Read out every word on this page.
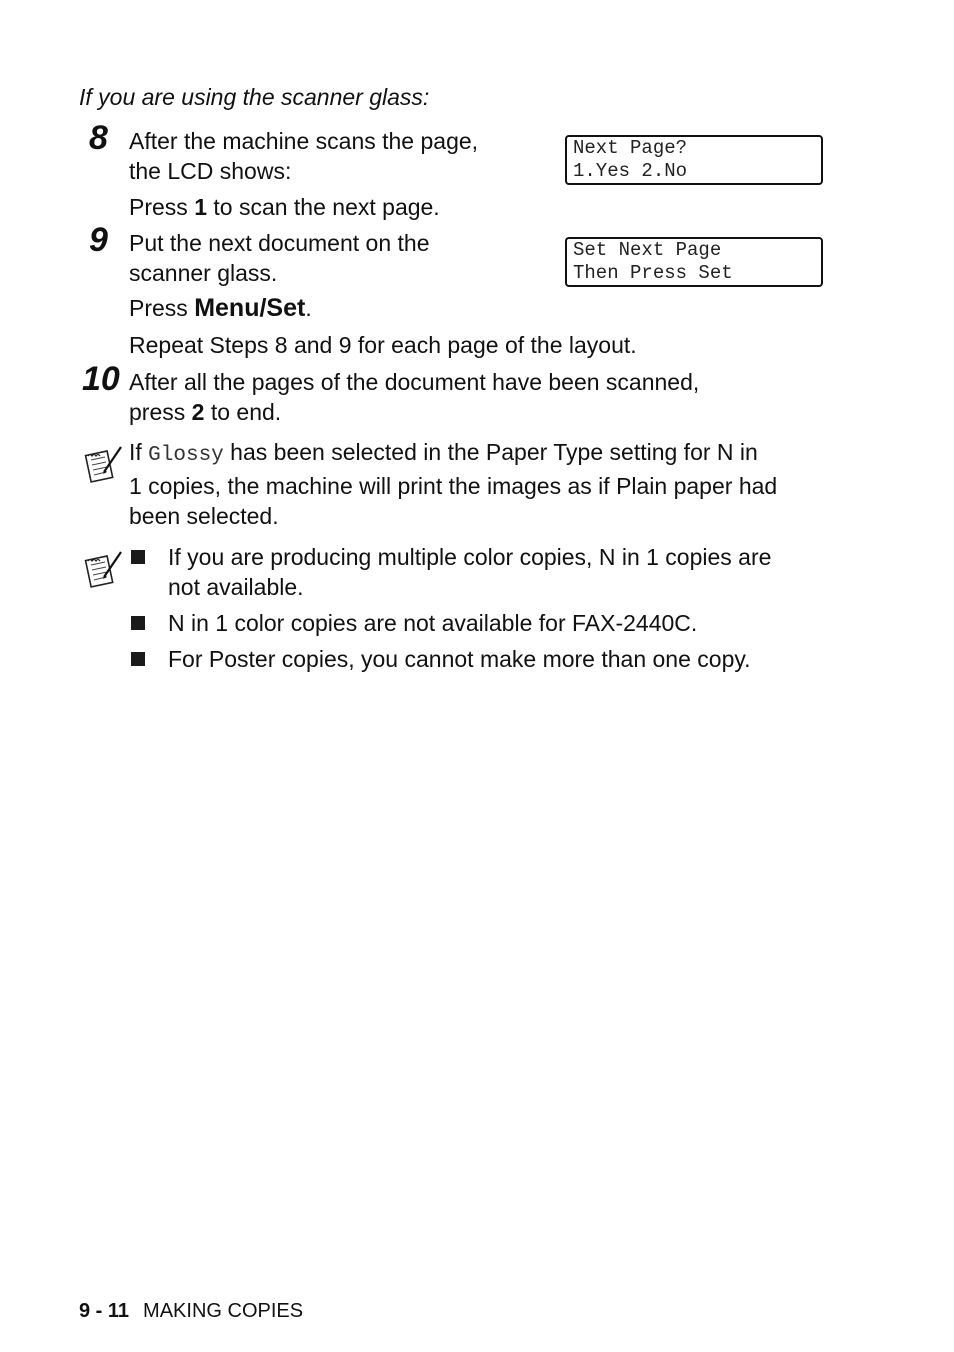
If you are using the scanner glass:
8 After the machine scans the page,
the LCD shows:
Press 1 to scan the next page.
Next Page?
1.Yes 2.No
9 Put the next document on the
scanner glass.
Press Menu/Set.
Repeat Steps 8 and 9 for each page of the layout.
Set Next Page
Then Press Set
10 After all the pages of the document have been scanned,
press 2 to end.
If Glossy has been selected in the Paper Type setting for N in
1 copies, the machine will print the images as if Plain paper had
been selected.
If you are producing multiple color copies, N in 1 copies are
not available.
N in 1 color copies are not available for FAX-2440C.
For Poster copies, you cannot make more than one copy.
9 - 11 MAKING COPIES
